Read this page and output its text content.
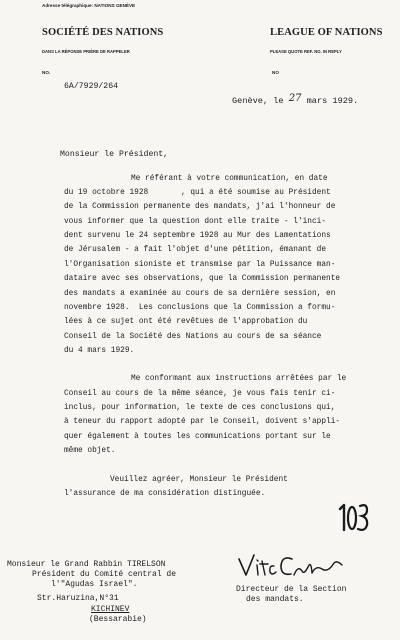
Adresse télégraphique: NATIONS GENÈVE
SOCIÉTÉ DES NATIONS	LEAGUE OF NATIONS
DANS LA RÉPONSE PRIÈRE DE RAPPELER	PLEASE QUOTE REF. NO. IN REPLY
NO.	NO
6A/7929/264
Genève, le 27 mars 1929.
Monsieur le Président,
Me référant à votre communication, en date
du 19 octobre 1928       , qui a été soumise au Président
de la Commission permanente des mandats, j'ai l'honneur de
vous informer que la question dont elle traite - l'inci-
dent survenu le 24 septembre 1928 au Mur des Lamentations
de Jérusalem - a fait l'objet d'une pétition, émanant de
l'Organisation sioniste et transmise par la Puissance man-
dataire avec ses observations, que la Commission permanente
des mandats a examinée au cours de sa dernière session, en
novembre 1928.  Les conclusions que la Commission a formu-
lées à ce sujet ont été revêtues de l'approbation du
Conseil de la Société des Nations au cours de sa séance
du 4 mars 1929.
Me conformant aux instructions arrêtées par le
Conseil au cours de la même séance, je vous fais tenir ci-
inclus, pour information, le texte de ces conclusions qui,
à teneur du rapport adopté par le Conseil, doivent s'appli-
quer également à toutes les communications portant sur le
même objet.
Veuillez agréer, Monsieur le Président
l'assurance de ma considération distinguée.

Monsieur le Grand Rabbin TIRELSON

Président du Comité central de

l'"Agudas Israel".

Str.Haruzina,N°31

KICHINEV

(Bessarabie)

Directeur de la Section

des mandats.
